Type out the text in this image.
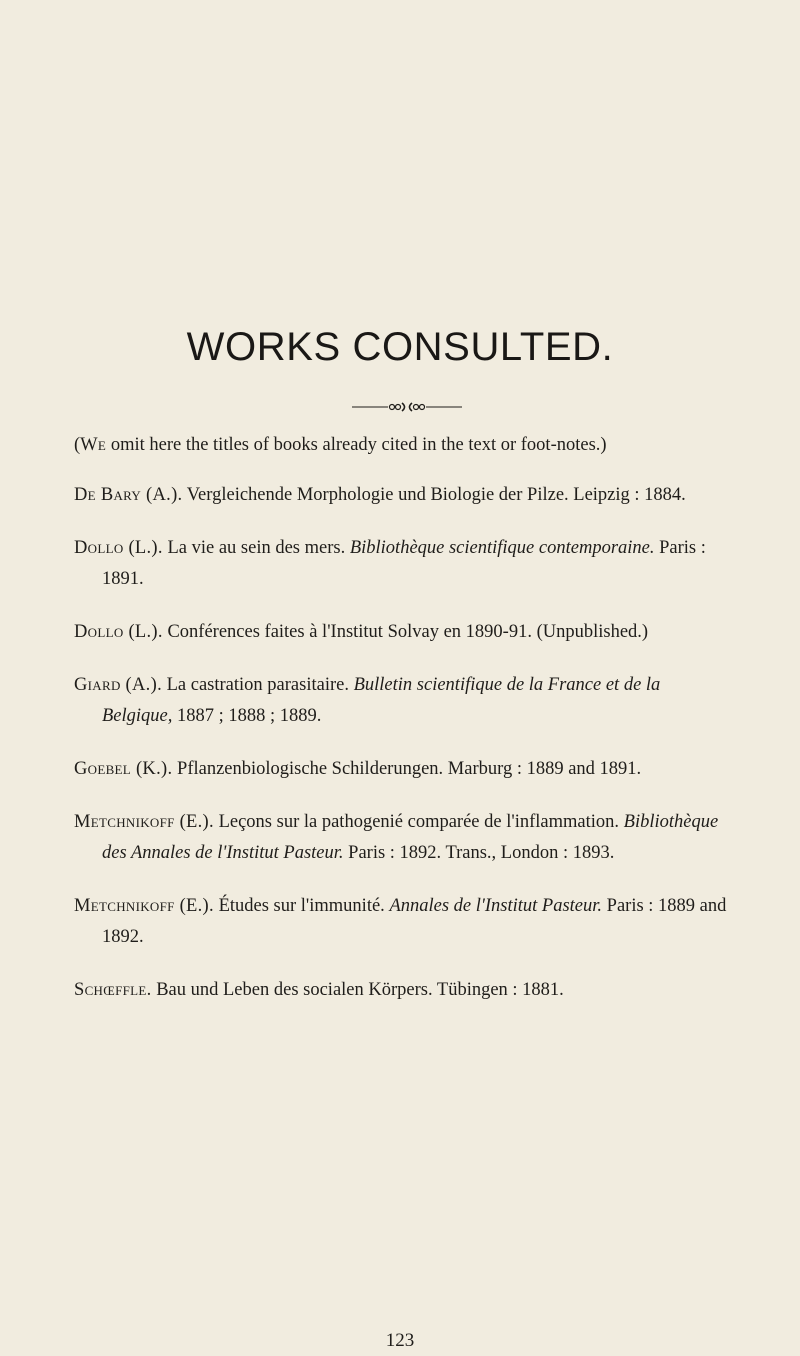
WORKS CONSULTED.

(We omit here the titles of books already cited in the text or foot-notes.)

De Bary (A.). Vergleichende Morphologie und Biologie der Pilze. Leipzig : 1884.

Dollo (L.). La vie au sein des mers. Bibliothèque scientifique contemporaine. Paris : 1891.

Dollo (L.). Conférences faites à l'Institut Solvay en 1890-91. (Unpublished.)

Giard (A.). La castration parasitaire. Bulletin scientifique de la France et de la Belgique, 1887 ; 1888 ; 1889.

Goebel (K.). Pflanzenbiologische Schilderungen. Marburg : 1889 and 1891.

Metchnikoff (E.). Leçons sur la pathogenié comparée de l'inflammation. Bibliothèque des Annales de l'Institut Pasteur. Paris : 1892. Trans., London : 1893.

Metchnikoff (E.). Études sur l'immunité. Annales de l'Institut Pasteur. Paris : 1889 and 1892.

Schœffle. Bau und Leben des socialen Körpers. Tübingen : 1881.

123
